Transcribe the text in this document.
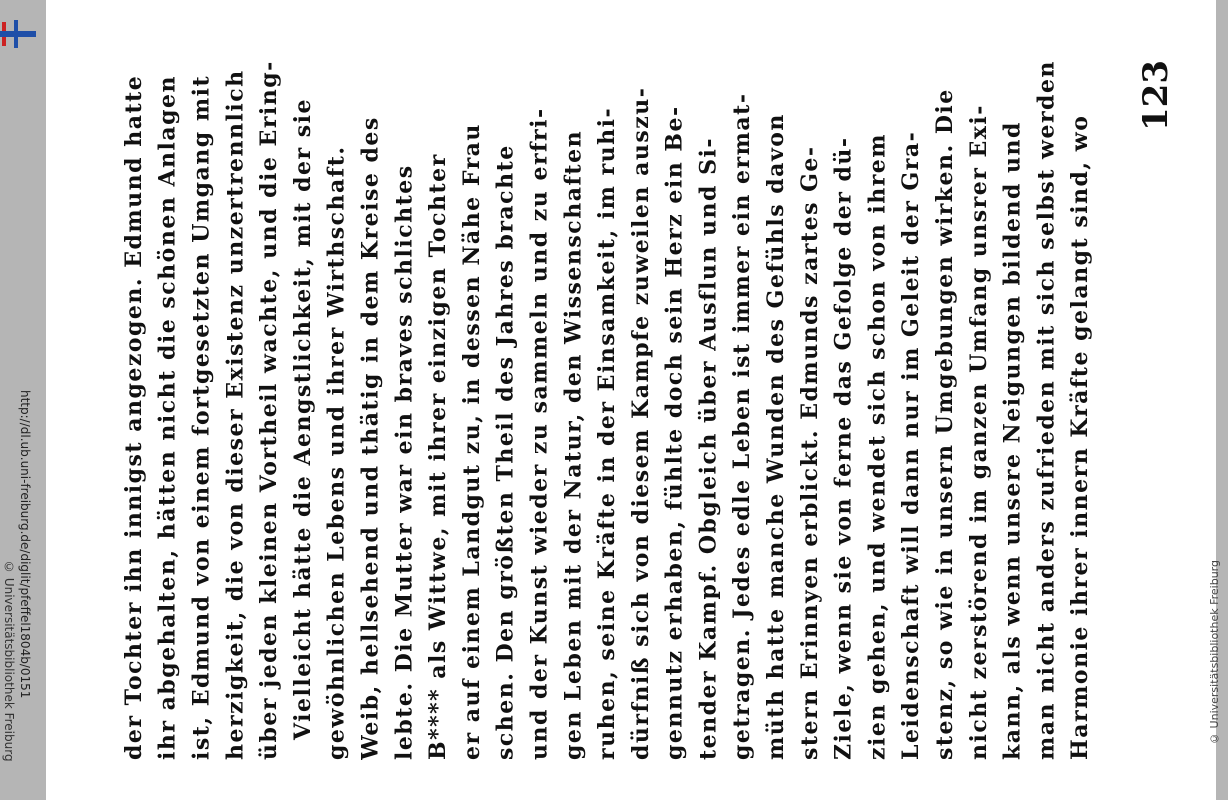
http://dl.ub.uni-freiburg.de/diglit/pfeffel1804b/0151
© Universitätsbibliothek Freiburg
123
Harmonie ihrer innern Kräfte gelangt sind, wo
man nicht anders zufrieden mit sich selbst werden
kann, als wenn unsere Neigungen bildend und
nicht zerstörend im ganzen Umfang unsrer Exi-
stenz, so wie in unsern Umgebungen wirken. Die
Leidenschaft will dann nur im Geleit der Gra-
zien gehen, und wendet sich schon von ihrem
Ziele, wenn sie von ferne das Gefolge der dü-
stern Erinnyen erblickt. Edmunds zartes Ge-
müth hatte manche Wunden des Gefühls davon
getragen. Jedes edle Leben ist immer ein ermat-
tender Kampf. Obgleich über Ausflun und Si-
gennutz erhaben, fühlte doch sein Herz ein Be-
dürfniß sich von diesem Kampfe zuweilen auszu-
ruhen, seine Kräfte in der Einsamkeit, im ruhi-
gen Leben mit der Natur, den Wissenschaften
und der Kunst wieder zu sammeln und zu erfri-
schen. Den größten Theil des Jahres brachte
er auf einem Landgut zu, in dessen Nähe Frau
B**** als Wittwe, mit ihrer einzigen Tochter
lebte. Die Mutter war ein braves schlichtes
Weib, hellsehend und thätig in dem Kreise des
gewöhnlichen Lebens und ihrer Wirthschaft.
Vielleicht hätte die Aengstlichkeit, mit der sie
über jeden kleinen Vortheil wachte, und die Ering-
herzigkeit, die von dieser Existenz unzertrennlich
ist, Edmund von einem fortgesetzten Umgang mit
ihr abgehalten, hätten nicht die schönen Anlagen
der Tochter ihn innigst angezogen. Edmund hatte	© Universitätsbibliothek Freiburg
